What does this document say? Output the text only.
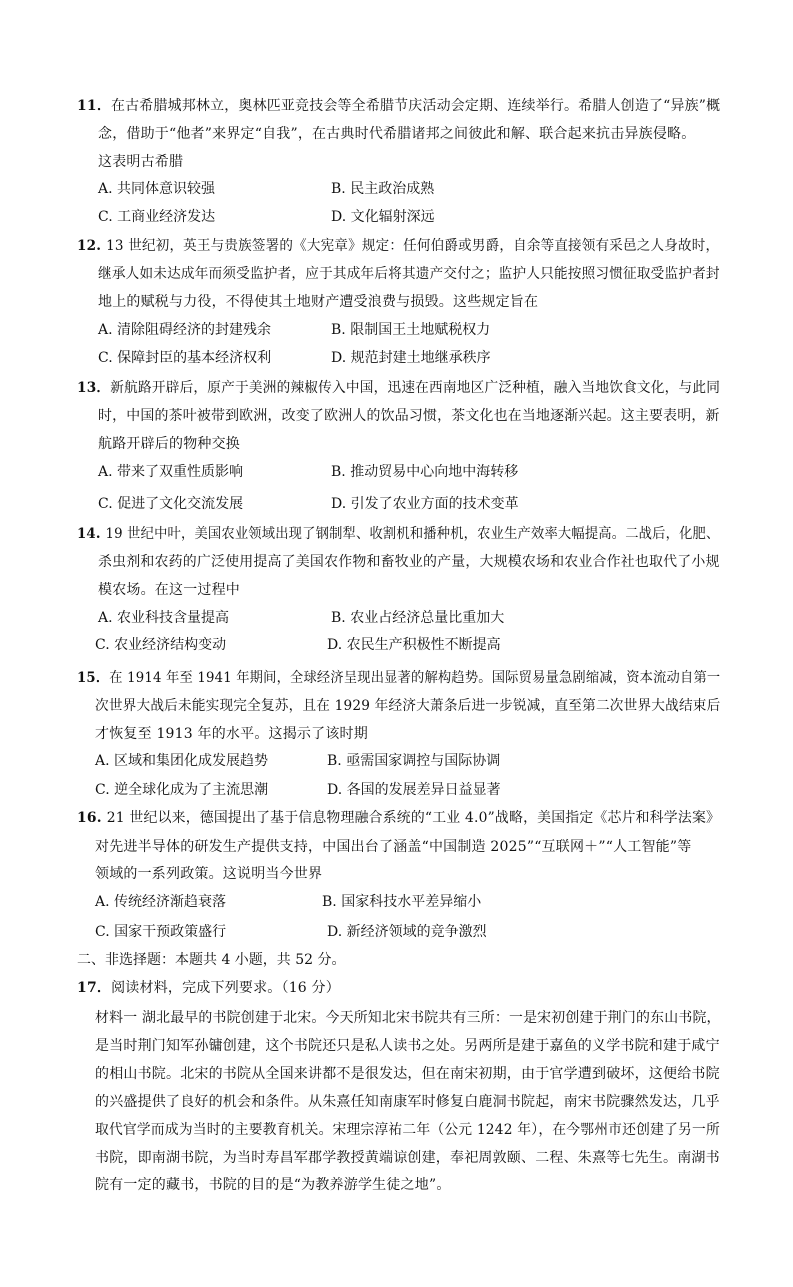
11．在古希腊城邦林立，奥林匹亚竞技会等全希腊节庆活动会定期、连续举行。希腊人创造了“异族”概
念，借助于“他者”来界定“自我”，在古典时代希腊诸邦之间彼此和解、联合起来抗击异族侵略。
这表明古希腊
A. 共同体意识较强	B. 民主政治成熟
C. 工商业经济发达	D. 文化辐射深远
12. 13 世纪初，英王与贵族签署的《大宪章》规定：任何伯爵或男爵，自余等直接领有采邑之人身故时，
继承人如未达成年而须受监护者，应于其成年后将其遗产交付之；监护人只能按照习惯征取受监护者封
地上的赋税与力役，不得使其土地财产遭受浪费与损毁。这些规定旨在
A. 清除阻碍经济的封建残余	B. 限制国王土地赋税权力
C. 保障封臣的基本经济权利	D. 规范封建土地继承秩序
13．新航路开辟后，原产于美洲的辣椒传入中国，迅速在西南地区广泛种植，融入当地饮食文化，与此同
时，中国的茶叶被带到欧洲，改变了欧洲人的饮品习惯，茶文化也在当地逐渐兴起。这主要表明，新
航路开辟后的物种交换
A. 带来了双重性质影响	B. 推动贸易中心向地中海转移
C. 促进了文化交流发展	D. 引发了农业方面的技术变革
14. 19 世纪中叶，美国农业领域出现了钢制犁、收割机和播种机，农业生产效率大幅提高。二战后，化肥、
杀虫剂和农药的广泛使用提高了美国农作物和畜牧业的产量，大规模农场和农业合作社也取代了小规
模农场。在这一过程中
A. 农业科技含量提高	B. 农业占经济总量比重加大
C. 农业经济结构变动	D. 农民生产积极性不断提高
15．在 1914 年至 1941 年期间，全球经济呈现出显著的解构趋势。国际贸易量急剧缩减，资本流动自第一
次世界大战后未能实现完全复苏，且在 1929 年经济大萧条后进一步锐减，直至第二次世界大战结束后
才恢复至 1913 年的水平。这揭示了该时期
A. 区域和集团化成发展趋势	B. 亟需国家调控与国际协调
C. 逆全球化成为了主流思潮	D. 各国的发展差异日益显著
16. 21 世纪以来，德国提出了基于信息物理融合系统的“工业 4.0”战略，美国指定《芯片和科学法案》
对先进半导体的研发生产提供支持，中国出台了涵盖“中国制造 2025”“互联网＋”“人工智能”等
领域的一系列政策。这说明当今世界
A. 传统经济渐趋衰落	B. 国家科技水平差异缩小
C. 国家干预政策盛行	D. 新经济领域的竞争激烈
二、非选择题：本题共 4 小题，共 52 分。
17．阅读材料，完成下列要求。（16 分）
材料一 湖北最早的书院创建于北宋。今天所知北宋书院共有三所：一是宋初创建于荆门的东山书院，
是当时荆门知军孙镛创建，这个书院还只是私人读书之处。另两所是建于嘉鱼的义学书院和建于咸宁
的相山书院。北宋的书院从全国来讲都不是很发达，但在南宋初期，由于官学遭到破坏，这便给书院
的兴盛提供了良好的机会和条件。从朱熹任知南康军时修复白鹿洞书院起，南宋书院骤然发达，几乎
取代官学而成为当时的主要教育机关。宋理宗淳祐二年（公元 1242 年），在今鄂州市还创建了另一所
书院，即南湖书院，为当时寿昌军郡学教授黄端谅创建，奉祀周敦颐、二程、朱熹等七先生。南湖书
院有一定的藏书，书院的目的是“为教养游学生徒之地”。
